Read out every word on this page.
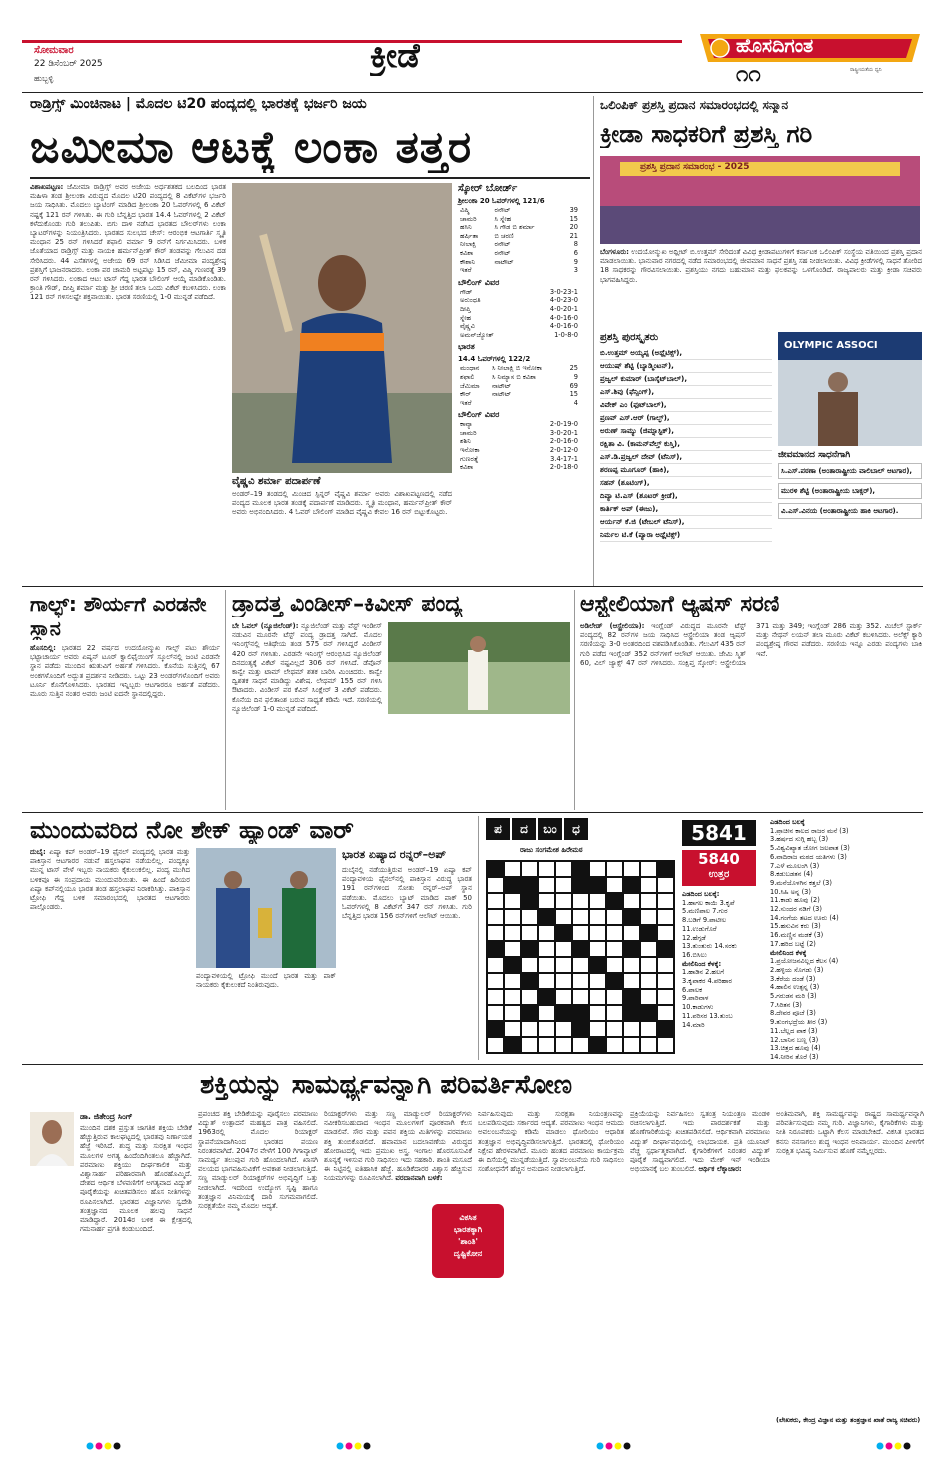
ಸೋಮವಾರ
22 ಡಿಸೆಂಬರ್ 2025
ಹುಬ್ಬಳ್ಳಿ
ಕ್ರೀಡೆ	ಹೊಸದಿಗಂತ
ರಾಷ್ಟ್ರೀಯತೆಯ ಧ್ವನಿ
೧೧
ರಾಡ್ರಿಗ್ಸ್ ಮಿಂಚಿನಾಟ | ಮೊದಲ ಟಿ20 ಪಂದ್ಯದಲ್ಲಿ ಭಾರತಕ್ಕೆ ಭರ್ಜರಿ ಜಯ
ಜಮೀಮಾ ಆಟಕ್ಕೆ ಲಂಕಾ ತತ್ತರ
ವಿಶಾಖಪಟ್ಟಣ: ಜೆಮೀಮಾ ರಾಡ್ರಿಗ್ಸ್ ಅವರ ಅಜೇಯ ಅರ್ಧಶತಕದ ಬಲದಿಂದ ಭಾರತ ಮಹಿಳಾ ತಂಡ ಶ್ರೀಲಂಕಾ ವಿರುದ್ಧದ ಮೊದಲ ಟಿ20 ಪಂದ್ಯದಲ್ಲಿ 8 ವಿಕೆಟ್‌ಗಳ ಭರ್ಜರಿ ಜಯ ಸಾಧಿಸಿತು. ಮೊದಲು ಬ್ಯಾಟಿಂಗ್ ಮಾಡಿದ ಶ್ರೀಲಂಕಾ 20 ಓವರ್‌ಗಳಲ್ಲಿ 6 ವಿಕೆಟ್ ನಷ್ಟಕ್ಕೆ 121 ರನ್ ಗಳಿಸಿತು. ಈ ಗುರಿ ಬೆನ್ನತ್ತಿದ ಭಾರತ 14.4 ಓವರ್‌ಗಳಲ್ಲಿ 2 ವಿಕೆಟ್ ಕಳೆದುಕೊಂಡು ಗುರಿ ತಲುಪಿತು. ಬಿಗು ದಾಳಿ ನಡೆಸಿದ ಭಾರತದ ಬೌಲರ್‌ಗಳು ಲಂಕಾ ಬ್ಯಾಟರ್‌ಗಳನ್ನು ನಿಯಂತ್ರಿಸಿದರು. ಭಾರತದ ಸುಲಭದ ಚೇಸ್: ಆರಂಭಿಕ ಆಟಗಾರ್ತಿ ಸ್ಮೃತಿ ಮಂಧಾನ 25 ರನ್ ಗಳಿಸಿದರೆ ಶಫಾಲಿ ವರ್ಮಾ 9 ರನ್‌ಗೆ ನಿರ್ಗಮಿಸಿದರು. ಬಳಿಕ ಜೊತೆಯಾದ ರಾಡ್ರಿಗ್ಸ್ ಮತ್ತು ನಾಯಕಿ ಹರ್ಮನ್‌ಪ್ರೀತ್ ಕೌರ್ ತಂಡವನ್ನು ಗೆಲುವಿನ ದಡ ಸೇರಿಸಿದರು. 44 ಎಸೆತಗಳಲ್ಲಿ ಅಜೇಯ 69 ರನ್ ಸಿಡಿಸಿದ ಜೆಮೀಮಾ ಪಂದ್ಯಶ್ರೇಷ್ಠ ಪ್ರಶಸ್ತಿಗೆ ಭಾಜನರಾದರು. ಲಂಕಾ ಪರ ಚಾಮರಿ ಅಟ್ಟಪಟ್ಟು 15 ರನ್, ವಿಷ್ಮಿ ಗುಣರತ್ನೆ 39 ರನ್ ಗಳಿಸಿದರು. ಲಂಕಾದ ಆಟ: ಟಾಸ್ ಗೆದ್ದ ಭಾರತ ಬೌಲಿಂಗ್ ಆಯ್ಕೆ ಮಾಡಿಕೊಂಡಿತು. ಕ್ರಾಂತಿ ಗೌಡ್, ದೀಪ್ತಿ ಶರ್ಮಾ ಮತ್ತು ಶ್ರೀ ಚರಣಿ ತಲಾ ಒಂದು ವಿಕೆಟ್ ಕಬಳಿಸಿದರು. ಲಂಕಾ 121 ರನ್ ಗಳಿಸಲಷ್ಟೇ ಶಕ್ತವಾಯಿತು. ಭಾರತ ಸರಣಿಯಲ್ಲಿ 1-0 ಮುನ್ನಡೆ ಪಡೆದಿದೆ.
ವೈಷ್ಣವಿ ಶರ್ಮಾ ಪದಾರ್ಪಣೆ
ಅಂಡರ್‌–19 ತಂಡದಲ್ಲಿ ಮಿಂಚಿದ ಸ್ಪಿನ್ನರ್ ವೈಷ್ಣವಿ ಶರ್ಮಾ ಅವರು ವಿಶಾಖಪಟ್ಟಣದಲ್ಲಿ ನಡೆದ ಪಂದ್ಯದ ಮೂಲಕ ಭಾರತ ತಂಡಕ್ಕೆ ಪದಾರ್ಪಣೆ ಮಾಡಿದರು. ಸ್ಮೃತಿ ಮಂಧಾನ, ಹರ್ಮನ್‌ಪ್ರೀತ್ ಕೌರ್ ಅವರು ಅಭಿನಂದಿಸಿದರು. 4 ಓವರ್ ಬೌಲಿಂಗ್ ಮಾಡಿದ ವೈಷ್ಣವಿ ಕೇವಲ 16 ರನ್ ಬಿಟ್ಟುಕೊಟ್ಟರು.
ಸ್ಕೋರ್ ಬೋರ್ಡ್
ಶ್ರೀಲಂಕಾ 20 ಓವರ್‌ಗಳಲ್ಲಿ 121/6
ವಿಷ್ಮಿ	ರನೌಟ್	39
ಚಾಮರಿ	ಸಿ ಸ್ನೇಹ	15
ಹಸಿನಿ	ಸಿ ಗೌಡ ಬಿ ಶರ್ಮಾ	20
ಹರ್ಷಿತಾ	ಬಿ ಚರಣಿ	21
ನೀಲಾಕ್ಷಿ	ರನೌಟ್	8
ಕವಿಶಾ	ರನೌಟ್	6
ಕೌಶಾನಿ	ನಾಟೌಟ್	9
ಇತರೆ		3
ಬೌಲಿಂಗ್ ವಿವರ
ಗೌಡ್	3-0-23-1
ಅರುಂಧತಿ	4-0-23-0
ದೀಪ್ತಿ	4-0-20-1
ಸ್ನೇಹ	4-0-16-0
ವೈಷ್ಣವಿ	4-0-16-0
ಅಮನ್‌ಜ್ಯೋತ್	1-0-8-0
ಭಾರತ
14.4 ಓವರ್‌ಗಳಲ್ಲಿ 122/2
ಮಂಧಾನ	ಸಿ ನೀಲಾಕ್ಷಿ ಬಿ ಇನೋಕಾ	25
ಶಫಾಲಿ	ಸಿ ನಿಮ್ಯಾಸ ಬಿ ಕವಿಶಾ	9
ಜೆಮಿಮಾ	ನಾಟೌಟ್	69
ಕೌರ್	ನಾಟೌಟ್	15
ಇತರೆ		4
ಬೌಲಿಂಗ್ ವಿವರ
ಕಾವ್ಯಾ	2-0-19-0
ಚಾಮರಿ	3-0-20-1
ಶಶಿನಿ	2-0-16-0
ಇನೋಕಾ	2-0-12-0
ಗುಣರತ್ನೆ	3.4-17-1
ಕವಿಶಾ	2-0-18-0
ಒಲಿಂಪಿಕ್ ಪ್ರಶಸ್ತಿ ಪ್ರದಾನ ಸಮಾರಂಭದಲ್ಲಿ ಸನ್ಮಾನ
ಕ್ರೀಡಾ ಸಾಧಕರಿಗೆ ಪ್ರಶಸ್ತಿ ಗರಿ
ಪ್ರಶಸ್ತಿ ಪ್ರದಾನ ಸಮಾರಂಭ - 2025
ಬೆಂಗಳೂರು: ಉದಯೋನ್ಮುಖ ಅಥ್ಲೀಟ್ ಬಿ.ಉತ್ತಮ್ ಸೇರಿದಂತೆ ವಿವಿಧ ಕ್ರೀಡಾಪಟುಗಳಿಗೆ ಕರ್ನಾಟಕ ಒಲಿಂಪಿಕ್ ಸಂಸ್ಥೆಯ ವತಿಯಿಂದ ಪ್ರಶಸ್ತಿ ಪ್ರದಾನ ಮಾಡಲಾಯಿತು. ಭಾನುವಾರ ನಗರದಲ್ಲಿ ನಡೆದ ಸಮಾರಂಭದಲ್ಲಿ ಜೀವಮಾನ ಸಾಧನೆ ಪ್ರಶಸ್ತಿ ಸಹ ನೀಡಲಾಯಿತು. ವಿವಿಧ ಕ್ರೀಡೆಗಳಲ್ಲಿ ಸಾಧನೆ ತೋರಿದ 18 ಸಾಧಕರನ್ನು ಗೌರವಿಸಲಾಯಿತು. ಪ್ರಶಸ್ತಿಯು ನಗದು ಬಹುಮಾನ ಮತ್ತು ಫಲಕವನ್ನು ಒಳಗೊಂಡಿದೆ. ರಾಜ್ಯಪಾಲರು ಮತ್ತು ಕ್ರೀಡಾ ಸಚಿವರು ಭಾಗವಹಿಸಿದ್ದರು.
ಪ್ರಶಸ್ತಿ ಪುರಸ್ಕೃತರು
ಬಿ.ಉತ್ತಮ್ ಅಯ್ಯಪ್ಪ (ಅಥ್ಲೆಟಿಕ್ಸ್),
ಆಯುಷ್ ಶೆಟ್ಟಿ (ಬ್ಯಾಡ್ಮಿಂಟನ್),
ಪ್ರಜ್ವಲ್ ಕುಮಾರ್ (ಬಾಸ್ಕೆಟ್‌ಬಾಲ್),
ಎಸ್.ಶಿವು (ಫೆನ್ಸಿಂಗ್),
ವಿವೇಕ್ ಎಂ (ಫುಟ್‌ಬಾಲ್),
ಪ್ರಣವ್ ಎಸ್.ಆರ್ (ಗಾಲ್ಫ್),
ಅರುಣ್ ಸಾಮ್ಯು (ಜಿಮ್ನಾಸ್ಟಿಕ್),
ರಕ್ಷಿತಾ ವಿ. (ಕಾಮನ್‌ವೆಲ್ತ್ ಕುಸ್ತಿ),
ಎಸ್.ಡಿ.ಪ್ರಜ್ವಲ್ ದೇವ್ (ಟೆನಿಸ್),
ಶರಣಪ್ಪ ಮೂಗೂರ್ (ಹಾಕಿ),
ಸಹನ್ (ಶೂಟಿಂಗ್),
ದಿವ್ಯಾ ಟಿ.ಎಸ್ (ಶೂಟರ್ ಕ್ರೀಡೆ),
ಕಾರ್ತಿಕ್ ಅಪ್ (ಈಜು),
ಆರ್ಯನ್ ಕೆ.ಜಿ (ಟೇಬಲ್ ಟೆನಿಸ್),
ನಿರ್ಮಲ ಟಿ.ಕೆ (ಪ್ಯಾರಾ ಅಥ್ಲೆಟಿಕ್ಸ್)
OLYMPIC ASSOCI
ಜೀವಮಾನದ ಸಾಧನೆಗಾಗಿ
ಸಿ.ಎಸ್.ಪಠಣಾ (ಅಂತಾರಾಷ್ಟ್ರೀಯ ವಾಲಿಬಾಲ್ ಆಟಗಾರ),
ಮುರಳಿ ಶೆಟ್ಟಿ (ಅಂತಾರಾಷ್ಟ್ರೀಯ ಬಾಕ್ಸರ್),
ವಿ.ಎಸ್.ವಿನಯ (ಅಂತಾರಾಷ್ಟ್ರೀಯ ಹಾಕಿ ಆಟಗಾರ).
ಗಾಲ್ಫ್: ಶೌರ್ಯಗೆ ಎರಡನೇ ಸ್ಥಾನ
ಹೊಸದಿಲ್ಲಿ: ಭಾರತದ 22 ವರ್ಷದ ಉದಯೋನ್ಮುಖ ಗಾಲ್ಫ್ ಪಟು ಶೌರ್ಯ ಭಟ್ಟಾಚಾರ್ಯ ಅವರು ಏಷ್ಯನ್ ಟೂರ್ ಕ್ವಾಲಿಫೈಯಿಂಗ್ ಸ್ಕೂಲ್‌ನಲ್ಲಿ ಜಂಟಿ ಎರಡನೇ ಸ್ಥಾನ ಪಡೆದು ಮುಂದಿನ ಋತುವಿಗೆ ಅರ್ಹತೆ ಗಳಿಸಿದರು. ಕೊನೆಯ ಸುತ್ತಿನಲ್ಲಿ 67 ಅಂಕಗಳೊಂದಿಗೆ ಅದ್ಭುತ ಪ್ರದರ್ಶನ ನೀಡಿದರು. ಒಟ್ಟು 23 ಅಂಡರ್‌ಗಳೊಂದಿಗೆ ಅವರು ಟೂರ್ನಿ ಕೊನೆಗೊಳಿಸಿದರು. ಭಾರತದ ಇನ್ನಿಬ್ಬರು ಆಟಗಾರರೂ ಅರ್ಹತೆ ಪಡೆದರು. ಮೂರು ಸುತ್ತಿನ ನಂತರ ಅವರು ಜಂಟಿ ಐದನೇ ಸ್ಥಾನದಲ್ಲಿದ್ದರು.
ಡ್ರಾದತ್ತ ವಿಂಡೀಸ್–ಕಿವೀಸ್ ಪಂದ್ಯ
ಬೇ ಓವಲ್ (ನ್ಯೂಜಿಲೆಂಡ್): ನ್ಯೂಜಿಲೆಂಡ್ ಮತ್ತು ವೆಸ್ಟ್ ಇಂಡೀಸ್ ನಡುವಿನ ಮೂರನೇ ಟೆಸ್ಟ್ ಪಂದ್ಯ ಡ್ರಾದತ್ತ ಸಾಗಿದೆ. ಮೊದಲ ಇನಿಂಗ್ಸ್‌ನಲ್ಲಿ ಆತಿಥೇಯ ತಂಡ 575 ರನ್ ಗಳಿಸಿದ್ದರೆ ವಿಂಡೀಸ್ 420 ರನ್ ಗಳಿಸಿತು. ಎರಡನೇ ಇನಿಂಗ್ಸ್ ಆರಂಭಿಸಿದ ನ್ಯೂಜಿಲೆಂಡ್ ದಿನದಂತ್ಯಕ್ಕೆ ವಿಕೆಟ್ ನಷ್ಟವಿಲ್ಲದೆ 306 ರನ್ ಗಳಿಸಿದೆ. ಡೆವೊನ್ ಕಾನ್ವೇ ಮತ್ತು ಟಾಮ್ ಲೇಥಮ್ ಶತಕ ಬಾರಿಸಿ ಮಿಂಚಿದರು. ಕಾನ್ವೇ ದ್ವಿಶತಕ ಸಾಧನೆ ಮಾಡಿದ್ದು ವಿಶೇಷ. ಲೇಥಮ್ 155 ರನ್ ಗಳಿಸಿ ಔಟಾದರು. ವಿಂಡೀಸ್ ಪರ ಕೆವಿನ್ ಸಿಂಕ್ಲೇರ್ 3 ವಿಕೆಟ್ ಪಡೆದರು. ಕೊನೆಯ ದಿನ ಫಲಿತಾಂಶ ಬರುವ ಸಾಧ್ಯತೆ ಕಡಿಮೆ ಇದೆ. ಸರಣಿಯಲ್ಲಿ ನ್ಯೂಜಿಲೆಂಡ್ 1-0 ಮುನ್ನಡೆ ಪಡೆದಿದೆ.
ಆಸ್ಟ್ರೇಲಿಯಾಗೆ ಆ್ಯಷಸ್ ಸರಣಿ
ಅಡಿಲೇಡ್ (ಆಸ್ಟ್ರೇಲಿಯಾ): ಇಂಗ್ಲೆಂಡ್ ವಿರುದ್ಧದ ಮೂರನೇ ಟೆಸ್ಟ್ ಪಂದ್ಯದಲ್ಲಿ 82 ರನ್‌ಗಳ ಜಯ ಸಾಧಿಸಿದ ಆಸ್ಟ್ರೇಲಿಯಾ ತಂಡ ಆ್ಯಷಸ್ ಸರಣಿಯನ್ನು 3-0 ಅಂತರದಿಂದ ವಶಪಡಿಸಿಕೊಂಡಿತು. ಗೆಲುವಿಗೆ 435 ರನ್ ಗುರಿ ಪಡೆದ ಇಂಗ್ಲೆಂಡ್ 352 ರನ್‌ಗಳಿಗೆ ಆಲೌಟ್ ಆಯಿತು. ಜೇಮಿ ಸ್ಮಿತ್ 60, ವಿಲ್ ಜ್ಯಾಕ್ಸ್ 47 ರನ್ ಗಳಿಸಿದರು. ಸಂಕ್ಷಿಪ್ತ ಸ್ಕೋರ್: ಆಸ್ಟ್ರೇಲಿಯಾ 371 ಮತ್ತು 349; ಇಂಗ್ಲೆಂಡ್ 286 ಮತ್ತು 352. ಮಿಚೆಲ್ ಸ್ಟಾರ್ಕ್ ಮತ್ತು ನೇಥನ್ ಲಯನ್ ತಲಾ ಮೂರು ವಿಕೆಟ್ ಕಬಳಿಸಿದರು. ಅಲೆಕ್ಸ್ ಕ್ಯಾರಿ ಪಂದ್ಯಶ್ರೇಷ್ಠ ಗೌರವ ಪಡೆದರು. ಸರಣಿಯ ಇನ್ನೂ ಎರಡು ಪಂದ್ಯಗಳು ಬಾಕಿ ಇವೆ.
ಮುಂದುವರಿದ ನೋ ಶೇಕ್ ಹ್ಯಾಂಡ್ ವಾರ್
ದುಬೈ: ಏಷ್ಯಾ ಕಪ್ ಅಂಡರ್–19 ಫೈನಲ್ ಪಂದ್ಯದಲ್ಲಿ ಭಾರತ ಮತ್ತು ಪಾಕಿಸ್ತಾನ ಆಟಗಾರರ ನಡುವೆ ಹಸ್ತಲಾಘವ ನಡೆಯಲಿಲ್ಲ. ಪಂದ್ಯಕ್ಕೂ ಮುನ್ನ ಟಾಸ್ ವೇಳೆ ಇಬ್ಬರು ನಾಯಕರು ಕೈಕುಲುಕಲಿಲ್ಲ. ಪಂದ್ಯ ಮುಗಿದ ಬಳಿಕವೂ ಈ ಸಂಪ್ರದಾಯ ಮುಂದುವರಿಯಿತು. ಈ ಹಿಂದೆ ಹಿರಿಯರ ಏಷ್ಯಾ ಕಪ್‌ನಲ್ಲಿಯೂ ಭಾರತ ತಂಡ ಹಸ್ತಲಾಘವ ನಿರಾಕರಿಸಿತ್ತು. ಪಾಕಿಸ್ತಾನ ಟ್ರೋಫಿ ಗೆದ್ದ ಬಳಿಕ ಸಮಾರಂಭದಲ್ಲಿ ಭಾರತದ ಆಟಗಾರರು ಪಾಲ್ಗೊಂಡರು.
ಪಂದ್ಯಾವಳಿಯಲ್ಲಿ ಟ್ರೋಫಿ ಮುಂದೆ ಭಾರತ ಮತ್ತು ಪಾಕ್ ನಾಯಕರು ಕೈಕುಲುಕದೆ ನಿಂತಿರುವುದು.
ಭಾರತ ಏಷ್ಯಾದ ರನ್ನರ್–ಅಪ್
ದುಬೈನಲ್ಲಿ ನಡೆಯುತ್ತಿರುವ ಅಂಡರ್–19 ಏಷ್ಯಾ ಕಪ್ ಪಂದ್ಯಾವಳಿಯ ಫೈನಲ್‌ನಲ್ಲಿ ಪಾಕಿಸ್ತಾನ ವಿರುದ್ಧ ಭಾರತ 191 ರನ್‌ಗಳಿಂದ ಸೋತು ರನ್ನರ್‌–ಅಪ್ ಸ್ಥಾನ ಪಡೆಯಿತು. ಮೊದಲು ಬ್ಯಾಟ್ ಮಾಡಿದ ಪಾಕ್ 50 ಓವರ್‌ಗಳಲ್ಲಿ 8 ವಿಕೆಟ್‌ಗೆ 347 ರನ್ ಗಳಿಸಿತು. ಗುರಿ ಬೆನ್ನತ್ತಿದ ಭಾರತ 156 ರನ್‌ಗಳಿಗೆ ಆಲೌಟ್ ಆಯಿತು.
ಪ	ದ	ಬಂ	ಧ
ರಾಜು ಸಂಗಮೇಶ ಹಿರೇಮಠ
5841
5840
ಉತ್ತರ
ಎಡದಿಂದ ಬಲಕ್ಕೆ:
1.ಹಾಗಲ ಕಾಯಿ 3.ಕೃಪೆ
5.ಮಣಿಪಾಲ 7.ಗುರ
8.ಬಡಿಗೆ 9.ಪಾಟೀಲ
11.ಉಡುಗೊರೆ
12.ಹೆಗ್ಗಡೆ
13.ತುಂತುರು 14.ಸರಕು
16.ಬಿಸಿಲು
ಮೇಲಿನಿಂದ ಕೆಳಕ್ಕೆ:
1.ಹಾಡಿನ 2.ಹಲಗೆ
3.ಕೃಪಾಕರ 4.ಪರಿಹಾರ
6.ಪಾಲಕ
9.ಪಾರಿವಾಳ
10.ಕಾಡುಗಳು
11.ಪರಿಸರ 13.ತುಂಬ
14.ಮಾರಿ
ಎಡದಿಂದ ಬಲಕ್ಕೆ
1.ಪ್ರಾಚೀನ ಕಾಲದ ರಾಜರ ಮನೆ (3)
3.ಹರ್ಷದ ಸುಗ್ಗಿ ಹಬ್ಬ (3)
5.ವಿಶ್ವವಿಖ್ಯಾತ ಜೋಗ ಜಲಪಾತ (3)
6.ವಾದಿರಾಜ ಮಠದ ಯತಿಗಳು (3)
7.ಎಳೆ ಮೂಲಂಗಿ (3)
8.ಕಡುಬಡತನ (4)
9.ಮನೆಯೊಳಗಿನ ಕತ್ತಲೆ (3)
10.ಸಿಹಿ ಅನ್ನ (3)
11.ಕಾಡು ಹೂವು (2)
12.ಸುಂದರ ನಡಿಗೆ (3)
14.ಗಂಗೆಯ ತಟದ ಊರು (4)
15.ಹಸುವಿನ ಕರು (3)
16.ಮಣ್ಣಿನ ಮಡಕೆ (3)
17.ಹರಿದ ಬಟ್ಟೆ (2)
ಮೇಲಿನಿಂದ ಕೆಳಕ್ಕೆ
1.ಪ್ರಯೋಜನವಿಲ್ಲದ ಕೆಲಸ (4)
2.ಹಳ್ಳಿಯ ಸೊಗಡು (3)
3.ಕೆರೆಯ ದಂಡೆ (3)
4.ಹಾಲಿನ ಉತ್ಪನ್ನ (3)
5.ಗರುಡನ ಮರಿ (3)
7.ಸಿರಿತನ (3)
8.ದೇವರ ಪೂಜೆ (3)
9.ತುಂಗಭದ್ರೆಯ ತೀರ (3)
11.ಬೆಲ್ಲದ ಪಾಕ (3)
12.ಬಾನಿನ ಬಣ್ಣ (3)
13.ಚಿತ್ರದ ಹೂವು (4)
14.ನೀರಿನ ತೊರೆ (3)
ಶಕ್ತಿಯನ್ನು ಸಾಮರ್ಥ್ಯವನ್ನಾಗಿ ಪರಿವರ್ತಿಸೋಣ
ಡಾ. ಜಿತೇಂದ್ರ ಸಿಂಗ್
ಮುಂದಿನ ದಶಕ ಪ್ರಸ್ತುತ ಜಾಗತಿಕ ಶಕ್ತಿಯ ಬೇಡಿಕೆ ಹೆಚ್ಚುತ್ತಿರುವ ಕಾಲಘಟ್ಟದಲ್ಲಿ ಭಾರತವು ನಿರ್ಣಾಯಕ ಹೆಜ್ಜೆ ಇರಿಸಿದೆ. ಶುದ್ಧ ಮತ್ತು ಸುರಕ್ಷಿತ ಇಂಧನ ಮೂಲಗಳ ಅಗತ್ಯ ಹಿಂದೆಂದಿಗಿಂತಲೂ ಹೆಚ್ಚಾಗಿದೆ. ಪರಮಾಣು ಶಕ್ತಿಯು ದೀರ್ಘಕಾಲಿಕ ಮತ್ತು ವಿಶ್ವಾಸಾರ್ಹ ಪರಿಹಾರವಾಗಿ ಹೊರಹೊಮ್ಮಿದೆ. ದೇಶದ ಆರ್ಥಿಕ ಬೆಳವಣಿಗೆಗೆ ಅಗತ್ಯವಾದ ವಿದ್ಯುತ್ ಪೂರೈಕೆಯನ್ನು ಖಚಿತಪಡಿಸಲು ಹೊಸ ನೀತಿಗಳನ್ನು ರೂಪಿಸಲಾಗಿದೆ. ಭಾರತದ ವಿಜ್ಞಾನಿಗಳು ಸ್ವದೇಶಿ ತಂತ್ರಜ್ಞಾನದ ಮೂಲಕ ಹಲವು ಸಾಧನೆ ಮಾಡಿದ್ದಾರೆ. 2014ರ ಬಳಿಕ ಈ ಕ್ಷೇತ್ರದಲ್ಲಿ ಗಮನಾರ್ಹ ಪ್ರಗತಿ ಕಂಡುಬಂದಿದೆ.
ಪ್ರಪಂಚದ ಶಕ್ತಿ ಬೇಡಿಕೆಯನ್ನು ಪೂರೈಸಲು ಪರಮಾಣು ವಿದ್ಯುತ್ ಉತ್ಪಾದನೆ ಮಹತ್ವದ ಪಾತ್ರ ವಹಿಸಲಿದೆ. 1963ರಲ್ಲಿ ಮೊದಲ ರಿಯಾಕ್ಟರ್ ಸ್ಥಾಪನೆಯಾದಾಗಿನಿಂದ ಭಾರತದ ಪಯಣ ನಿರಂತರವಾಗಿದೆ. 2047ರ ವೇಳೆಗೆ 100 ಗಿಗಾವ್ಯಾಟ್ ಸಾಮರ್ಥ್ಯ ತಲುಪುವ ಗುರಿ ಹೊಂದಲಾಗಿದೆ. ಖಾಸಗಿ ವಲಯದ ಭಾಗವಹಿಸುವಿಕೆಗೆ ಅವಕಾಶ ನೀಡಲಾಗುತ್ತಿದೆ. ಸಣ್ಣ ಮಾಡ್ಯುಲರ್ ರಿಯಾಕ್ಟರ್‌ಗಳ ಅಭಿವೃದ್ಧಿಗೆ ಒತ್ತು ನೀಡಲಾಗಿದೆ. ಇದರಿಂದ ಉದ್ಯೋಗ ಸೃಷ್ಟಿ ಹಾಗೂ ತಂತ್ರಜ್ಞಾನ ವಿನಿಮಯಕ್ಕೆ ದಾರಿ ಸುಗಮವಾಗಲಿದೆ. ಸುರಕ್ಷತೆಯೇ ನಮ್ಮ ಮೊದಲ ಆದ್ಯತೆ.
ರಿಯಾಕ್ಟರ್‌ಗಳು ಮತ್ತು ಸಣ್ಣ ಮಾಡ್ಯುಲರ್ ರಿಯಾಕ್ಟರ್‌ಗಳು ನವೀಕರಿಸಬಹುದಾದ ಇಂಧನ ಮೂಲಗಳಿಗೆ ಪೂರಕವಾಗಿ ಕೆಲಸ ಮಾಡಲಿವೆ. ಸೌರ ಮತ್ತು ಪವನ ಶಕ್ತಿಯ ಮಿತಿಗಳನ್ನು ಪರಮಾಣು ಶಕ್ತಿ ತುಂಬಿಕೊಡಲಿದೆ. ಹವಾಮಾನ ಬದಲಾವಣೆಯ ವಿರುದ್ಧದ ಹೋರಾಟದಲ್ಲಿ ಇದು ಪ್ರಮುಖ ಅಸ್ತ್ರ. ಇಂಗಾಲ ಹೊರಸೂಸುವಿಕೆ ಶೂನ್ಯಕ್ಕೆ ಇಳಿಸುವ ಗುರಿ ಸಾಧಿಸಲು ಇದು ಸಹಕಾರಿ. ಶಾಂತಿ ಮಸೂದೆ ಈ ನಿಟ್ಟಿನಲ್ಲಿ ಐತಿಹಾಸಿಕ ಹೆಜ್ಜೆ. ಹೂಡಿಕೆದಾರರ ವಿಶ್ವಾಸ ಹೆಚ್ಚಿಸುವ ನಿಯಮಗಳನ್ನು ರೂಪಿಸಲಾಗಿದೆ. ವರದಾನವಾಗಿ ಬಳಕೆ:
ವಿಕಸಿತ
ಭಾರತಕ್ಕಾಗಿ
'ಶಾಂತಿ'
ದೃಷ್ಟಿಕೋನ
ನಿರ್ವಹಿಸುವುದು ಮತ್ತು ಸುರಕ್ಷತಾ ನಿಯಂತ್ರಣವನ್ನು ಬಲಪಡಿಸುವುದು ಸರ್ಕಾರದ ಆದ್ಯತೆ. ಪರಮಾಣು ಇಂಧನ ಆಮದು ಅವಲಂಬನೆಯನ್ನು ಕಡಿಮೆ ಮಾಡಲು ಥೋರಿಯಂ ಆಧಾರಿತ ತಂತ್ರಜ್ಞಾನ ಅಭಿವೃದ್ಧಿಪಡಿಸಲಾಗುತ್ತಿದೆ. ಭಾರತದಲ್ಲಿ ಥೋರಿಯಂ ನಿಕ್ಷೇಪ ಹೇರಳವಾಗಿದೆ. ಮೂರು ಹಂತದ ಪರಮಾಣು ಕಾರ್ಯಕ್ರಮ ಈ ದಿಸೆಯಲ್ಲಿ ಮುನ್ನಡೆಯುತ್ತಿದೆ. ಸ್ವಾವಲಂಬನೆಯ ಗುರಿ ಸಾಧಿಸಲು ಸಂಶೋಧನೆಗೆ ಹೆಚ್ಚಿನ ಅನುದಾನ ನೀಡಲಾಗುತ್ತಿದೆ.
ಪ್ರಕ್ರಿಯೆಯನ್ನು ನಿರ್ವಹಿಸಲು ಸ್ವತಂತ್ರ ನಿಯಂತ್ರಣ ಮಂಡಳಿ ರಚಿಸಲಾಗುತ್ತಿದೆ. ಇದು ಪಾರದರ್ಶಕತೆ ಮತ್ತು ಹೊಣೆಗಾರಿಕೆಯನ್ನು ಖಚಿತಪಡಿಸಲಿದೆ. ಆರ್ಥಿಕವಾಗಿ ಪರಮಾಣು ವಿದ್ಯುತ್ ದೀರ್ಘಾವಧಿಯಲ್ಲಿ ಲಾಭದಾಯಕ. ಪ್ರತಿ ಯೂನಿಟ್ ವೆಚ್ಚ ಸ್ಪರ್ಧಾತ್ಮಕವಾಗಿದೆ. ಕೈಗಾರಿಕೆಗಳಿಗೆ ನಿರಂತರ ವಿದ್ಯುತ್ ಪೂರೈಕೆ ಸಾಧ್ಯವಾಗಲಿದೆ. ಇದು ಮೇಕ್ ಇನ್ ಇಂಡಿಯಾ ಅಭಿಯಾನಕ್ಕೆ ಬಲ ತುಂಬಲಿದೆ. ಆರ್ಥಿಕ ಲೆಕ್ಕಾಚಾರ:
ಅಂತಿಮವಾಗಿ, ಶಕ್ತಿ ಸಾಮರ್ಥ್ಯವನ್ನು ರಾಷ್ಟ್ರದ ಸಾಮರ್ಥ್ಯವನ್ನಾಗಿ ಪರಿವರ್ತಿಸುವುದು ನಮ್ಮ ಗುರಿ. ವಿಜ್ಞಾನಿಗಳು, ಕೈಗಾರಿಕೆಗಳು ಮತ್ತು ನೀತಿ ನಿರೂಪಕರು ಒಟ್ಟಾಗಿ ಕೆಲಸ ಮಾಡಬೇಕಿದೆ. ವಿಕಸಿತ ಭಾರತದ ಕನಸು ನನಸಾಗಲು ಶುದ್ಧ ಇಂಧನ ಅನಿವಾರ್ಯ. ಮುಂದಿನ ಪೀಳಿಗೆಗೆ ಸುರಕ್ಷಿತ ಭವಿಷ್ಯ ನಿರ್ಮಿಸುವ ಹೊಣೆ ನಮ್ಮೆಲ್ಲರದು.
(ಲೇಖಕರು, ಕೇಂದ್ರ ವಿಜ್ಞಾನ ಮತ್ತು ತಂತ್ರಜ್ಞಾನ ಖಾತೆ ರಾಜ್ಯ ಸಚಿವರು)
